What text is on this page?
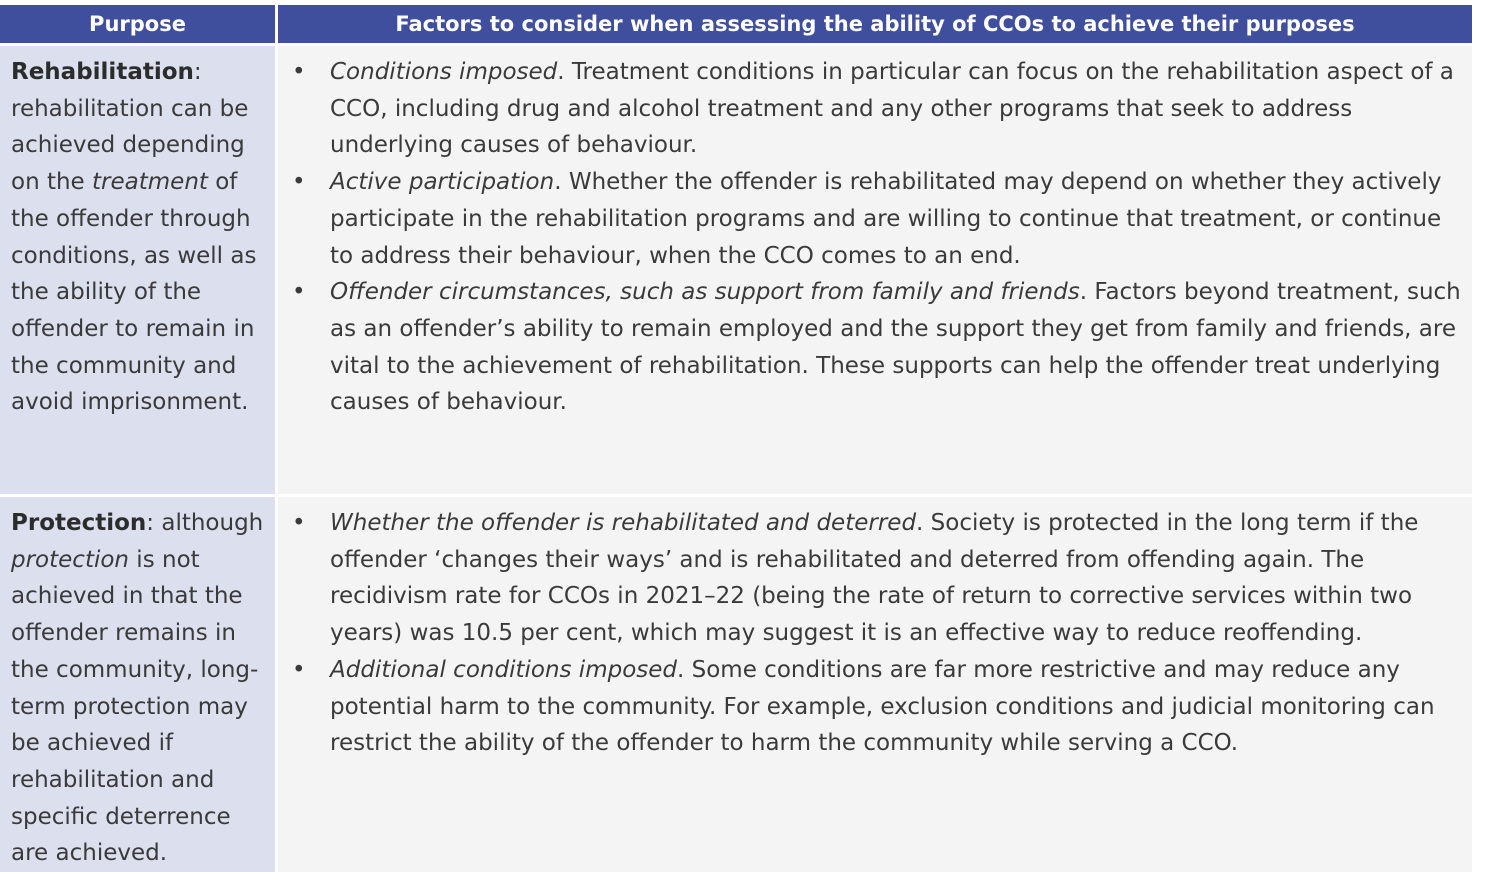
Purpose	Factors to consider when assessing the ability of CCOs to achieve their purposes
Rehabilitation: rehabilitation can be achieved depending on the treatment of the offender through conditions, as well as the ability of the offender to remain in the community and avoid imprisonment.
• Conditions imposed. Treatment conditions in particular can focus on the rehabilitation aspect of a CCO, including drug and alcohol treatment and any other programs that seek to address underlying causes of behaviour.
• Active participation. Whether the offender is rehabilitated may depend on whether they actively participate in the rehabilitation programs and are willing to continue that treatment, or continue to address their behaviour, when the CCO comes to an end.
• Offender circumstances, such as support from family and friends. Factors beyond treatment, such as an offender’s ability to remain employed and the support they get from family and friends, are vital to the achievement of rehabilitation. These supports can help the offender treat underlying causes of behaviour.
Protection: although protection is not achieved in that the offender remains in the community, long-term protection may be achieved if rehabilitation and specific deterrence are achieved.
• Whether the offender is rehabilitated and deterred. Society is protected in the long term if the offender ‘changes their ways’ and is rehabilitated and deterred from offending again. The recidivism rate for CCOs in 2021–22 (being the rate of return to corrective services within two years) was 10.5 per cent, which may suggest it is an effective way to reduce reoffending.
• Additional conditions imposed. Some conditions are far more restrictive and may reduce any potential harm to the community. For example, exclusion conditions and judicial monitoring can restrict the ability of the offender to harm the community while serving a CCO.
